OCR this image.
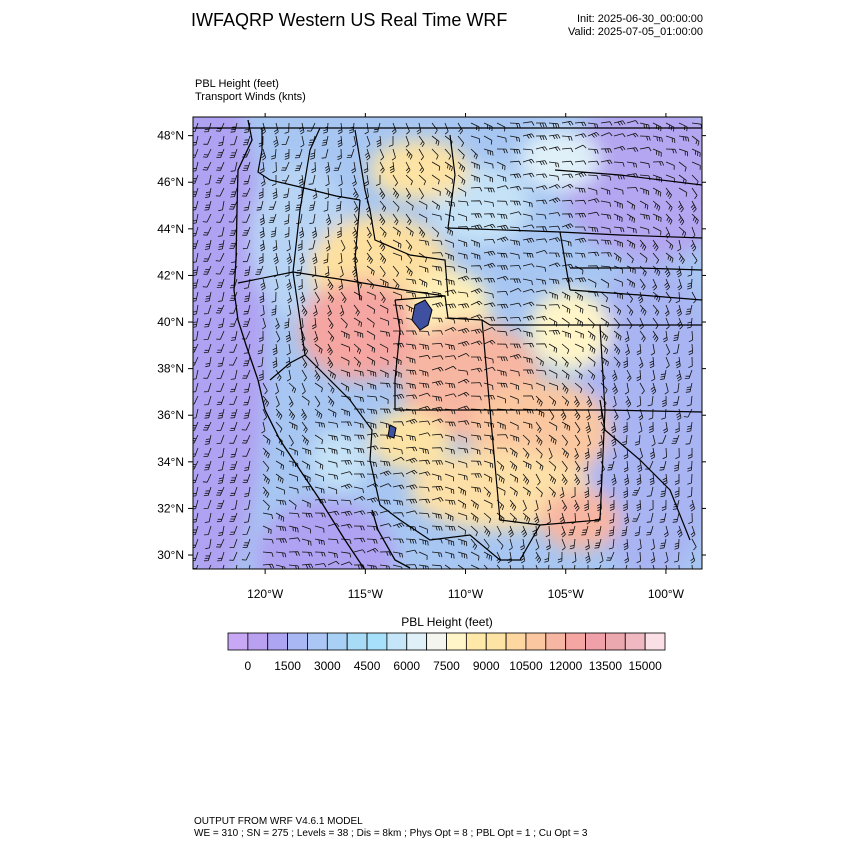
IWFAQRP Western US Real Time WRF	Init: 2025-06-30_00:00:00
Valid: 2025-07-05_01:00:00
PBL Height (feet)
Transport Winds (knts)
48°N
46°N
44°N
42°N
40°N
38°N
36°N
34°N
32°N
30°N
120°W	115°W	110°W	105°W	100°W
0 1500 3000 4500 6000 7500 9000 10500 12000 13500 15000
PBL Height (feet)
OUTPUT FROM WRF V4.6.1 MODEL
WE = 310 ; SN = 275 ; Levels = 38 ; Dis = 8km ; Phys Opt = 8 ; PBL Opt = 1 ; Cu Opt = 3
